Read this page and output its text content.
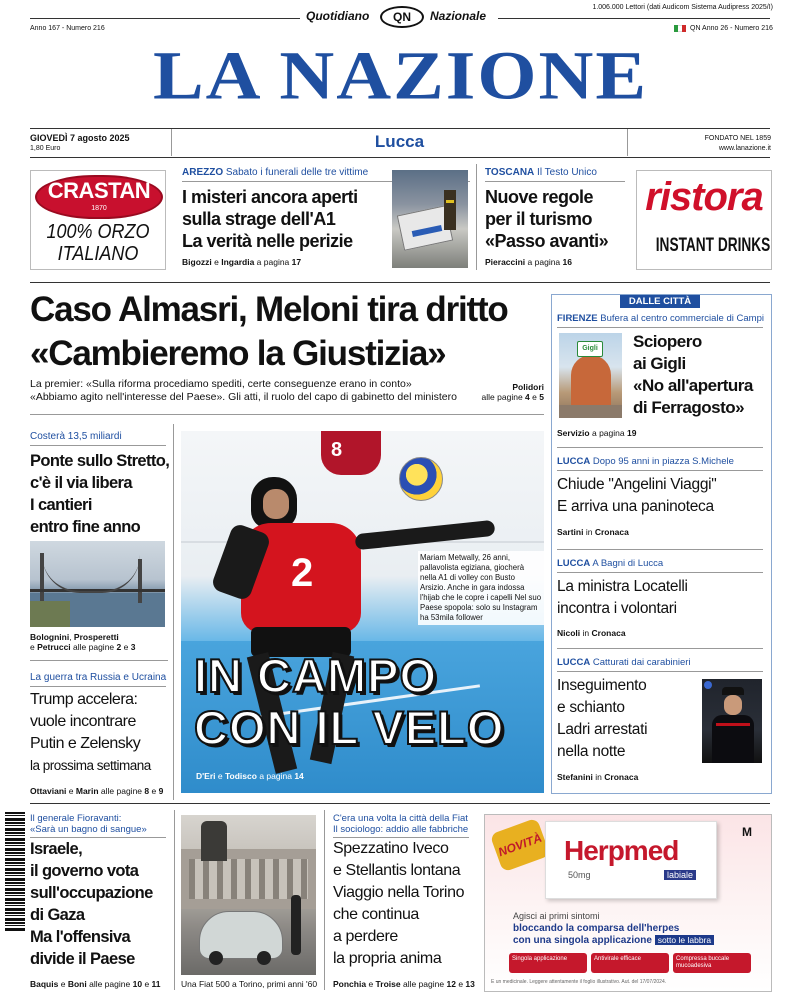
Quotidiano	QN	Nazionale
1.006.000 Lettori (dati Audicom Sistema Audipress 2025/I)
Anno 167 - Numero 216	QN Anno 26 - Numero 216
LA NAZIONE
GIOVEDÌ 7 agosto 2025
1,80 Euro	Lucca	FONDATO NEL 1859
www.lanazione.it
CRASTAN
1870
100% ORZO
ITALIANO
AREZZO Sabato i funerali delle tre vittime
I misteri ancora aperti
sulla strage dell'A1
La verità nelle perizie
Bigozzi e Ingardia a pagina 17
TOSCANA Il Testo Unico
Nuove regole
per il turismo
«Passo avanti»
Pieraccini a pagina 16
ristora
INSTANT DRINKS
Caso Almasri, Meloni tira dritto
«Cambieremo la Giustizia»
La premier: «Sulla riforma procediamo spediti, certe conseguenze erano in conto»
«Abbiamo agito nell'interesse del Paese». Gli atti, il ruolo del capo di gabinetto del ministero
Polidori
alle pagine 4 e 5
Costerà 13,5 miliardi
Ponte sullo Stretto,
c'è il via libera
I cantieri
entro fine anno
Bolognini, Prosperetti
e Petrucci alle pagine 2 e 3
La guerra tra Russia e Ucraina
Trump accelera:
vuole incontrare
Putin e Zelensky
la prossima settimana
Ottaviani e Marin alle pagine 8 e 9
8
2	Mariam Metwally, 26 anni, pallavolista egiziana, giocherà nella A1 di volley con Busto Arsizio. Anche in gara indossa l'hijab che le copre i capelli Nel suo Paese spopola: solo su Instagram ha 53mila follower
IN CAMPO
CON IL VELO
D'Eri e Todisco a pagina 14
DALLE CITTÀ
FIRENZE Bufera al centro commerciale di Campi
Gigli	Sciopero
ai Gigli
«No all'apertura
di Ferragosto»
Servizio a pagina 19
LUCCA Dopo 95 anni in piazza S.Michele
Chiude "Angelini Viaggi"
E arriva una paninoteca
Sartini in Cronaca
LUCCA A Bagni di Lucca
La ministra Locatelli
incontra i volontari
Nicoli in Cronaca
LUCCA Catturati dai carabinieri
Inseguimento
e schianto
Ladri arrestati
nella notte
Stefanini in Cronaca
Il generale Fioravanti:
«Sarà un bagno di sangue»
Israele,
il governo vota
sull'occupazione
di Gaza
Ma l'offensiva
divide il Paese
Baquis e Boni alle pagine 10 e 11 Una Fiat 500 a Torino, primi anni '60
C'era una volta la città della Fiat
Il sociologo: addio alle fabbriche
Spezzatino Iveco
e Stellantis lontana
Viaggio nella Torino
che continua
a perdere
la propria anima
Ponchia e Troise alle pagine 12 e 13
NOVITÀ Herpmed
50mg	labiale
M
Agisci ai primi sintomi
bloccando la comparsa dell'herpes
con una singola applicazione sotto le labbra
Singola applicazione	Antivirale efficace	Compressa buccale mucoadesiva
È un medicinale. Leggere attentamente il foglio illustrativo. Aut. del 17/07/2024.
